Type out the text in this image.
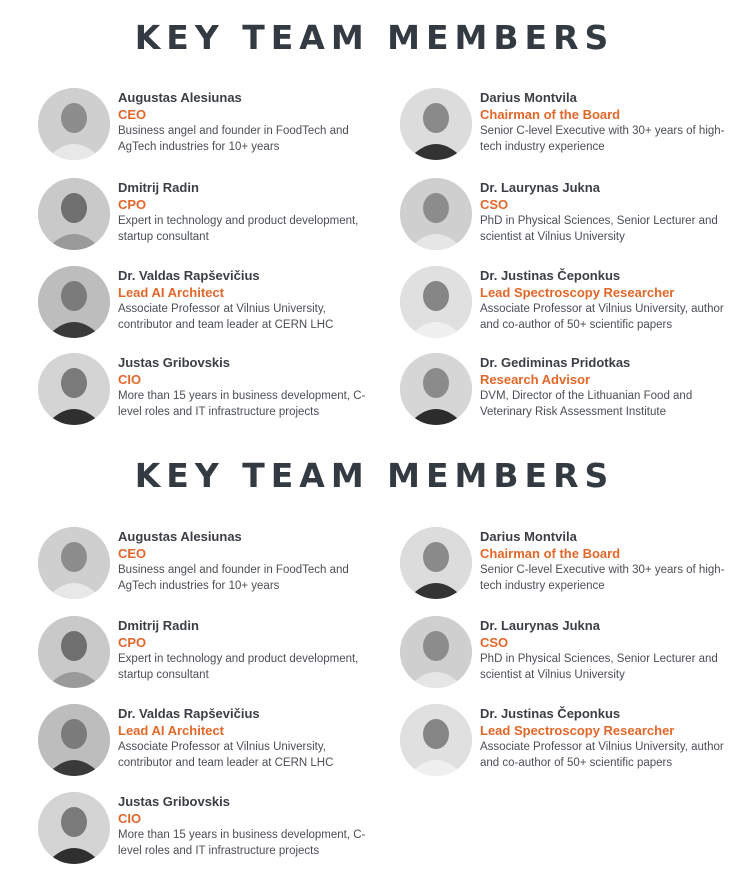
KEY TEAM MEMBERS
Augustas Alesiunas
CEO
Business angel and founder in FoodTech and AgTech industries for 10+ years
Dmitrij Radin
CPO
Expert in technology and product development, startup consultant
Dr. Valdas Rapševičius
Lead AI Architect
Associate Professor at Vilnius University, contributor and team leader at CERN LHC
Justas Gribovskis
CIO
More than 15 years in business development, C-level roles and IT infrastructure projects
Darius Montvila
Chairman of the Board
Senior C-level Executive with 30+ years of high-tech industry experience
Dr. Laurynas Jukna
CSO
PhD in Physical Sciences, Senior Lecturer and scientist at Vilnius University
Dr. Justinas Čeponkus
Lead Spectroscopy Researcher
Associate Professor at Vilnius University, author and co-author of 50+ scientific papers
Dr. Gediminas Pridotkas
Research Advisor
DVM, Director of the Lithuanian Food and Veterinary Risk Assessment Institute
KEY TEAM MEMBERS
Augustas Alesiunas
CEO
Business angel and founder in FoodTech and AgTech industries for 10+ years
Dmitrij Radin
CPO
Expert in technology and product development, startup consultant
Dr. Valdas Rapševičius
Lead AI Architect
Associate Professor at Vilnius University, contributor and team leader at CERN LHC
Justas Gribovskis
CIO
More than 15 years in business development, C-level roles and IT infrastructure projects
Darius Montvila
Chairman of the Board
Senior C-level Executive with 30+ years of high-tech industry experience
Dr. Laurynas Jukna
CSO
PhD in Physical Sciences, Senior Lecturer and scientist at Vilnius University
Dr. Justinas Čeponkus
Lead Spectroscopy Researcher
Associate Professor at Vilnius University, author and co-author of 50+ scientific papers
